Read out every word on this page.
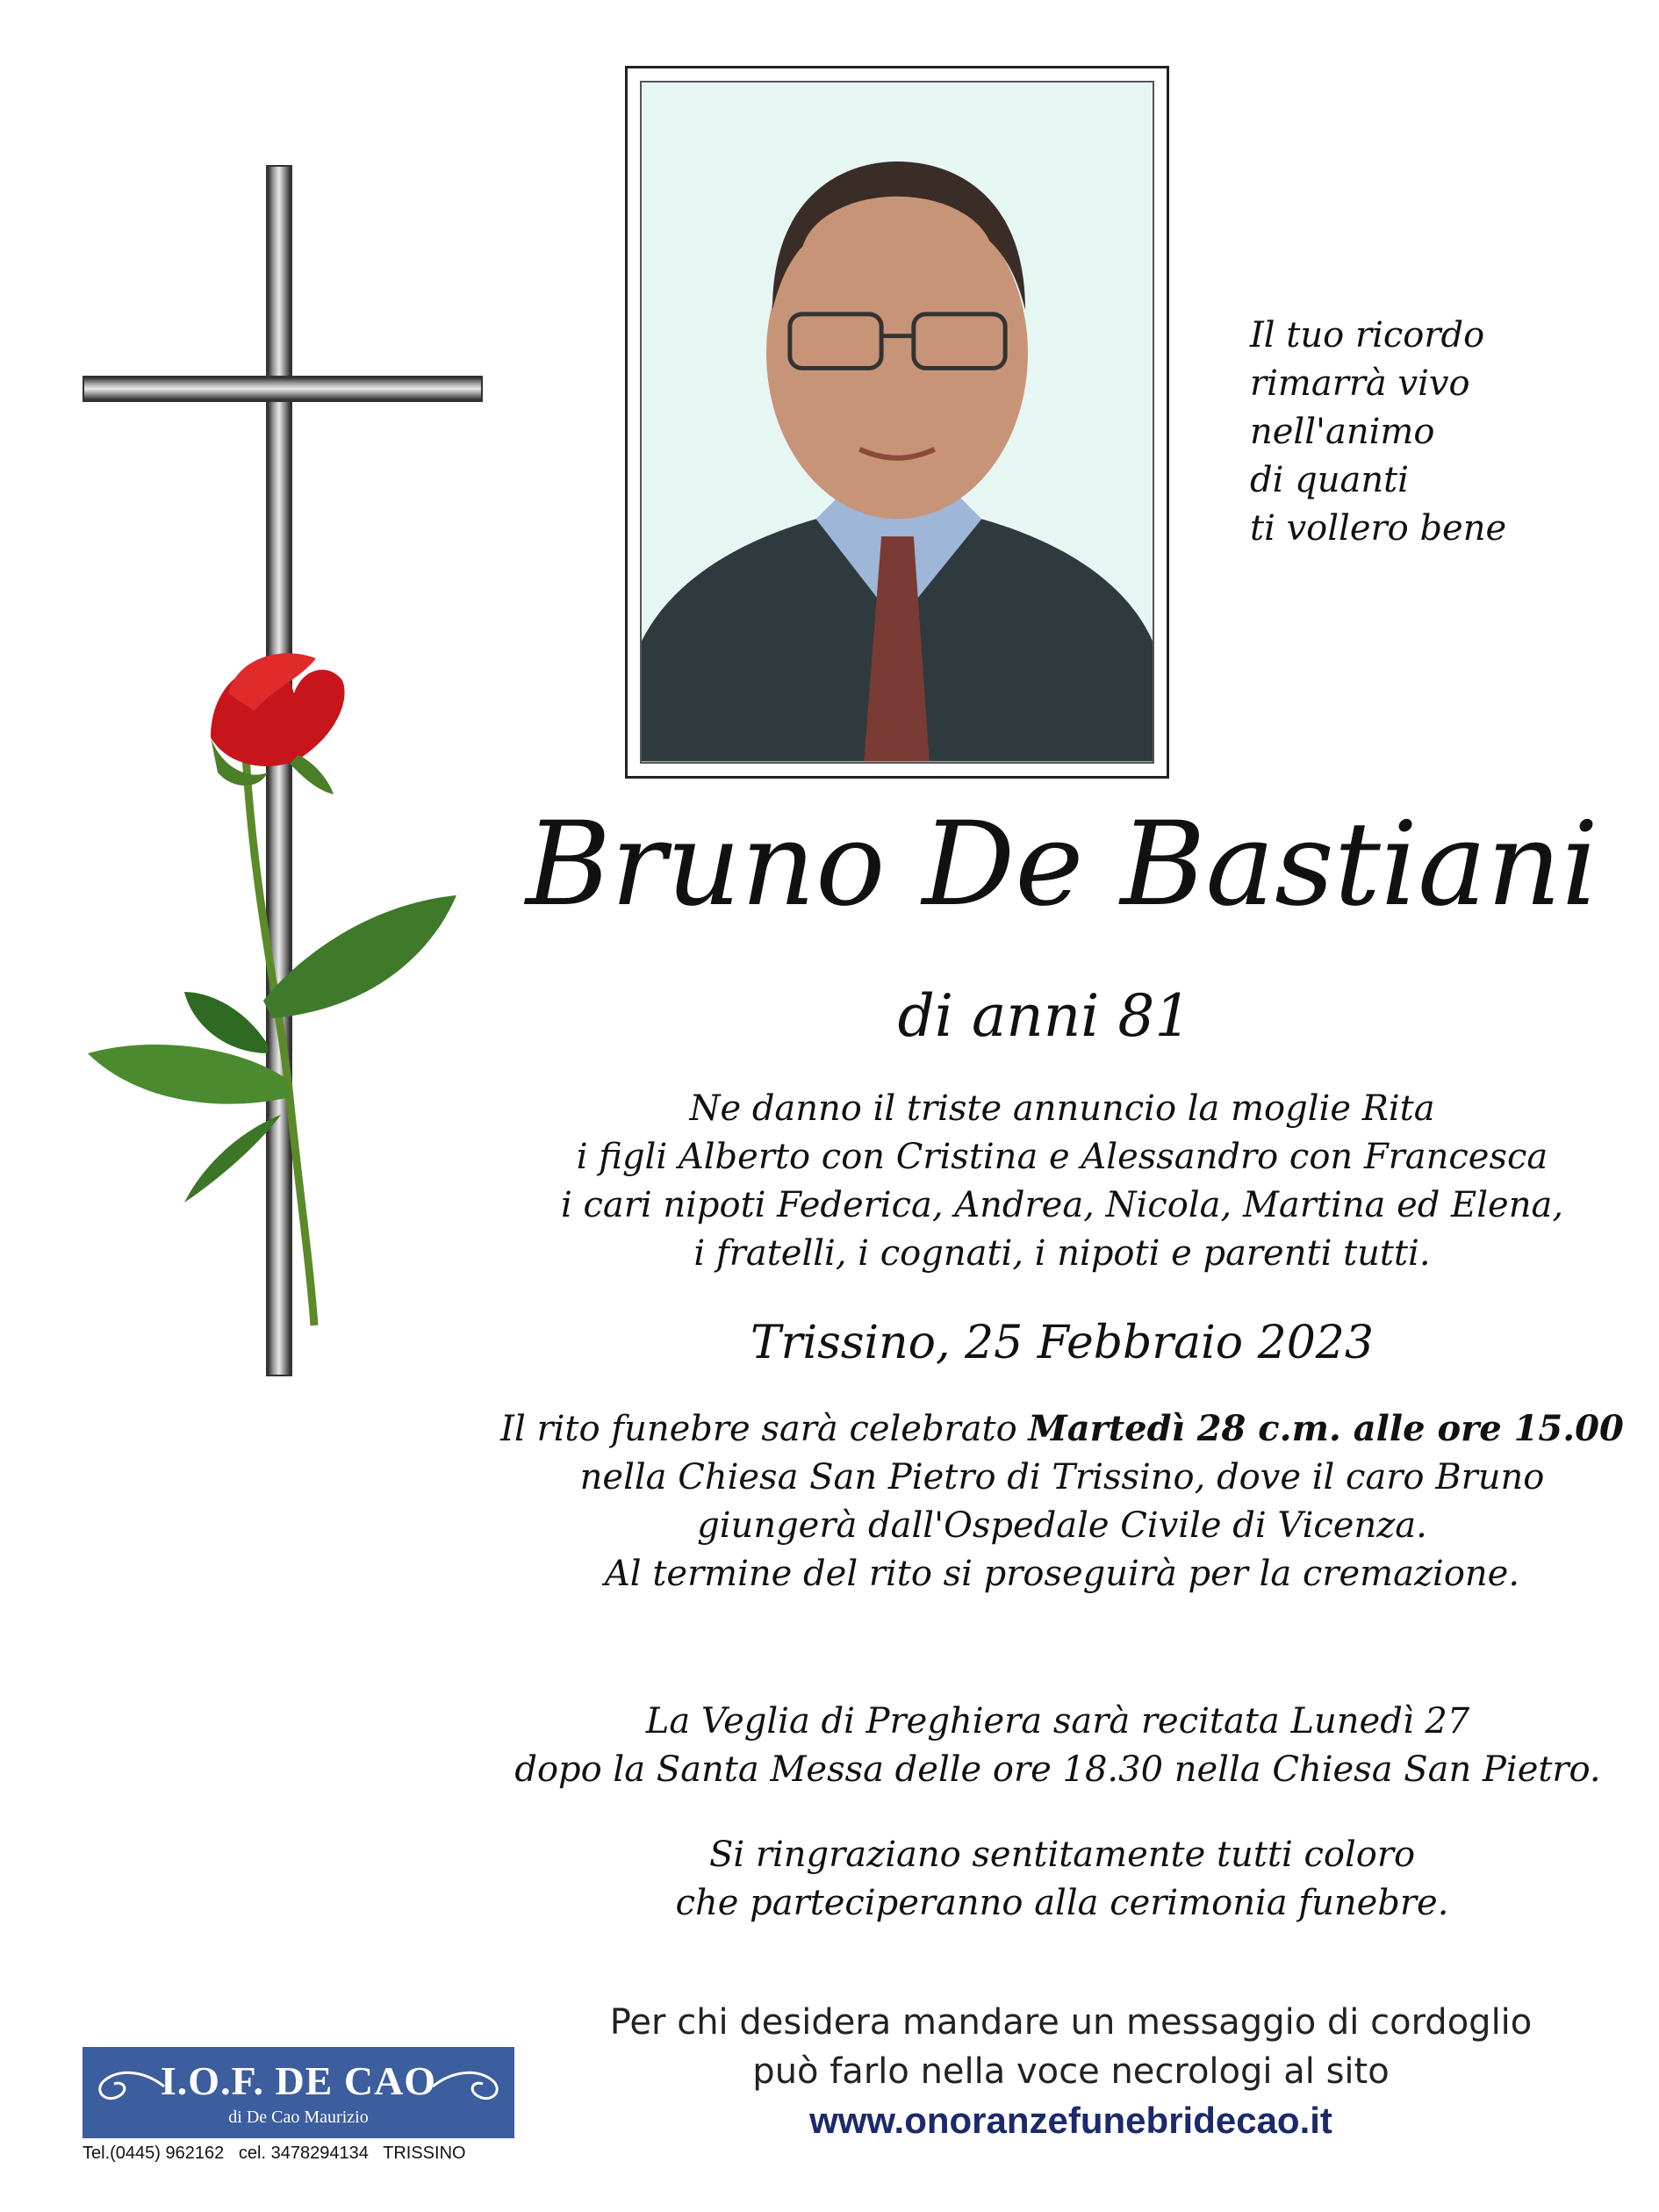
Il tuo ricordo
rimarrà vivo
nell'animo
di quanti
ti vollero bene
Bruno De Bastiani
di anni 81
Ne danno il triste annuncio la moglie Rita
i figli Alberto con Cristina e Alessandro con Francesca
i cari nipoti Federica, Andrea, Nicola, Martina ed Elena,
i fratelli, i cognati, i nipoti e parenti tutti.
Trissino, 25 Febbraio 2023
Il rito funebre sarà celebrato Martedì 28 c.m. alle ore 15.00
nella Chiesa San Pietro di Trissino, dove il caro Bruno
giungerà dall'Ospedale Civile di Vicenza.
Al termine del rito si proseguirà per la cremazione.
La Veglia di Preghiera sarà recitata Lunedì 27
dopo la Santa Messa delle ore 18.30 nella Chiesa San Pietro.
Si ringraziano sentitamente tutti coloro
che parteciperanno alla cerimonia funebre.
Per chi desidera mandare un messaggio di cordoglio
può farlo nella voce necrologi al sito
www.onoranzefunebridecao.it
I.O.F. DE CAO
di De Cao Maurizio
Tel.(0445) 962162   cel. 3478294134   TRISSINO
